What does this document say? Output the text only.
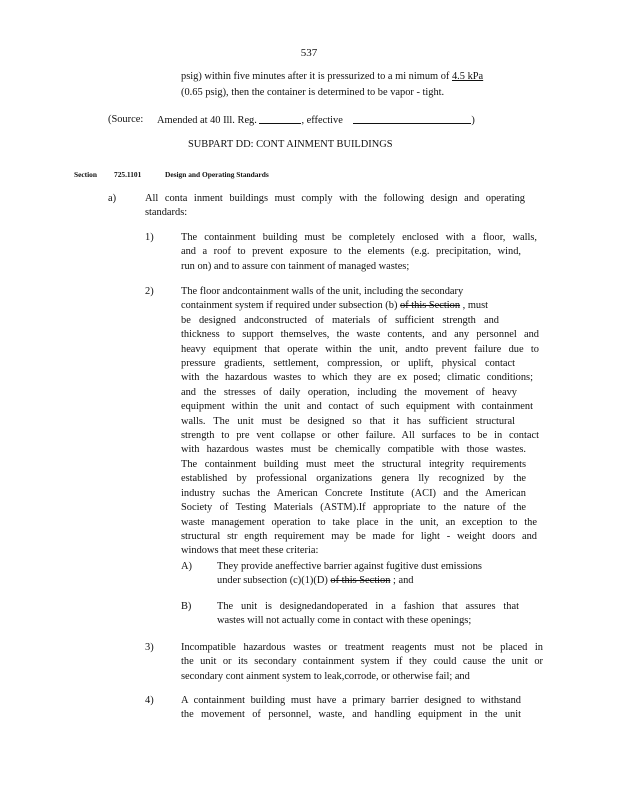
537
psig) within five minutes after it is pressurized to a mi nimum of 4.5 kPa
(0.65 psig), then the container is determined to be vapor - tight.
(Source: Amended at 40 Ill. Reg.	, effective	)
SUBPART DD: CONT AINMENT BUILDINGS
Section 725.1101	Design and Operating Standards
a)	All conta inment buildings must comply with the following design and operating
standards:
1)	The containment building must be completely enclosed with a floor, walls,
and a roof to prevent exposure to the elements (e.g. precipitation, wind,
run on) and to assure con tainment of managed wastes;
2)	The floor andcontainment walls of the unit, including the secondary
containment system if required under subsection (b) of this Section , must
be designed andconstructed of materials of sufficient strength and
thickness to support themselves, the waste contents, and any personnel and
heavy equipment that operate within the unit, andto prevent failure due to
pressure gradients, settlement, compression, or uplift, physical contact
with the hazardous wastes to which they are ex posed; climatic conditions;
and the stresses of daily operation, including the movement of heavy
equipment within the unit and contact of such equipment with containment
walls. The unit must be designed so that it has sufficient structural
strength to pre vent collapse or other failure. All surfaces to be in contact
with hazardous wastes must be chemically compatible with those wastes.
The containment building must meet the structural integrity requirements
established by professional organizations genera lly recognized by the
industry suchas the American Concrete Institute (ACI) and the American
Society of Testing Materials (ASTM).If appropriate to the nature of the
waste management operation to take place in the unit, an exception to the
structural str ength requirement may be made for light - weight doors and
windows that meet these criteria:
A) They provide aneffective barrier against fugitive dust emissions
under subsection (c)(1)(D) of this Section ; and
B) The unit is designedandoperated in a fashion that assures that
wastes will not actually come in contact with these openings;
3)	Incompatible hazardous wastes or treatment reagents must not be placed in
the unit or its secondary containment system if they could cause the unit or
secondary cont ainment system to leak,corrode, or otherwise fail; and
4)	A containment building must have a primary barrier designed to withstand
the movement of personnel, waste, and handling equipment in the unit
